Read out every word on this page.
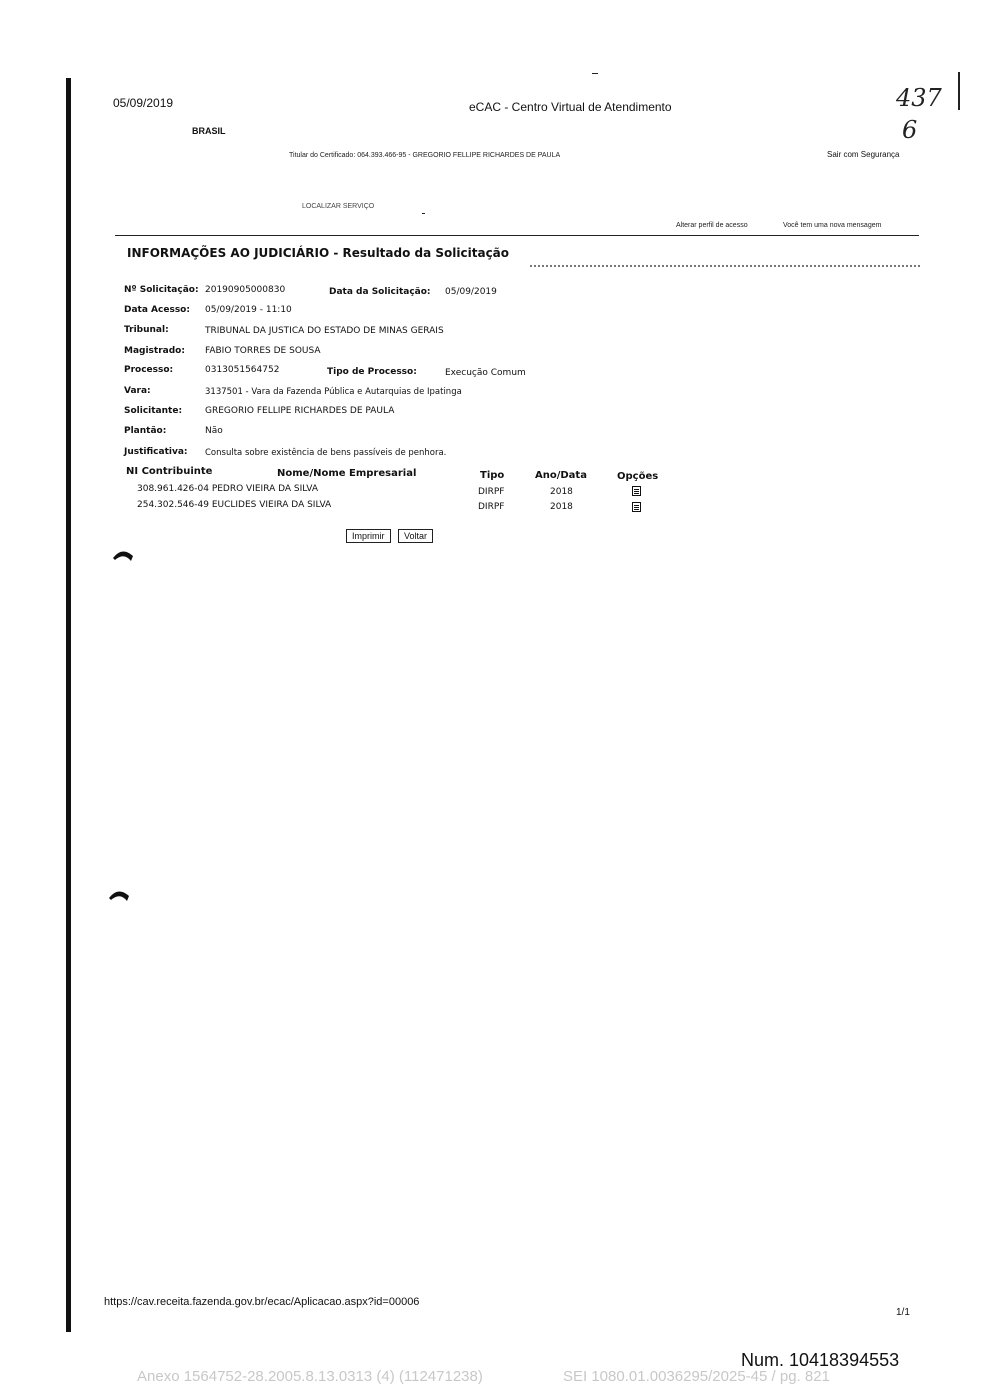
05/09/2019	eCAC - Centro Virtual de Atendimento	437
6
BRASIL
Titular do Certificado: 064.393.466-95 - GREGORIO FELLIPE RICHARDES DE PAULA	Sair com Segurança
LOCALIZAR SERVIÇO
Alterar perfil de acesso	Você tem uma nova mensagem
INFORMAÇÕES AO JUDICIÁRIO - Resultado da Solicitação
Nº Solicitação: 20190905000830	Data da Solicitação: 05/09/2019
Data Acesso: 05/09/2019 - 11:10
Tribunal:	TRIBUNAL DA JUSTICA DO ESTADO DE MINAS GERAIS
Magistrado: FABIO TORRES DE SOUSA
Processo:	0313051564752	Tipo de Processo:	Execução Comum
Vara:	3137501 - Vara da Fazenda Pública e Autarquias de Ipatinga
Solicitante:	GREGORIO FELLIPE RICHARDES DE PAULA
Plantão:	Não
Justificativa: Consulta sobre existência de bens passíveis de penhora.
NI Contribuinte	Nome/Nome Empresarial	Tipo	Ano/Data	Opções
308.961.426-04 PEDRO VIEIRA DA SILVA	DIRPF	2018
254.302.546-49 EUCLIDES VIEIRA DA SILVA	DIRPF	2018
Imprimir	Voltar
https://cav.receita.fazenda.gov.br/ecac/Aplicacao.aspx?id=00006
1/1
Num. 10418394553
Anexo 1564752-28.2005.8.13.0313 (4) (112471238)	SEI 1080.01.0036295/2025-45 / pg. 821
